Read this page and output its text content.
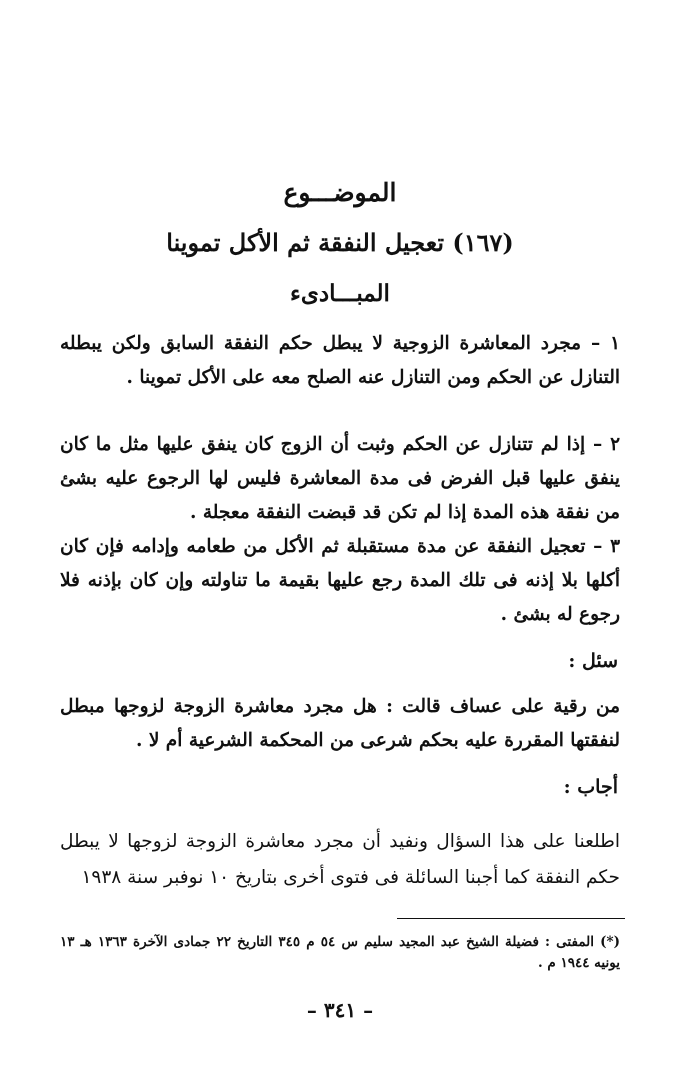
الموضـــوع
(١٦٧) تعجيل النفقة ثم الأكل تموينا
المبـــادىء
١ – مجرد المعاشرة الزوجية لا يبطل حكم النفقة السابق ولكن يبطله التنازل عن الحكم ومن التنازل عنه الصلح معه على الأكل تموينا .
٢ – إذا لم تتنازل عن الحكم وثبت أن الزوج كان ينفق عليها مثل ما كان ينفق عليها قبل الفرض فى مدة المعاشرة فليس لها الرجوع عليه بشئ من نفقة هذه المدة إذا لم تكن قد قبضت النفقة معجلة .
٣ – تعجيل النفقة عن مدة مستقبلة ثم الأكل من طعامه وإدامه فإن كان أكلها بلا إذنه فى تلك المدة رجع عليها بقيمة ما تناولته وإن كان بإذنه فلا رجوع له بشئ .
سئل :
من رقية على عساف قالت : هل مجرد معاشرة الزوجة لزوجها مبطل لنفقتها المقررة عليه بحكم شرعى من المحكمة الشرعية أم لا .
أجاب :
اطلعنا على هذا السؤال ونفيد أن مجرد معاشرة الزوجة لزوجها لا يبطل حكم النفقة كما أجبنا السائلة فى فتوى أخرى بتاريخ ١٠ نوفبر سنة ١٩٣٨
(*) المفتى : فضيلة الشيخ عبد المجيد سليم س ٥٤ م ٣٤٥ التاريخ ٢٢ جمادى الآخرة ١٣٦٣ هـ ١٣ يونيه ١٩٤٤ م .
– ٣٤١ –
